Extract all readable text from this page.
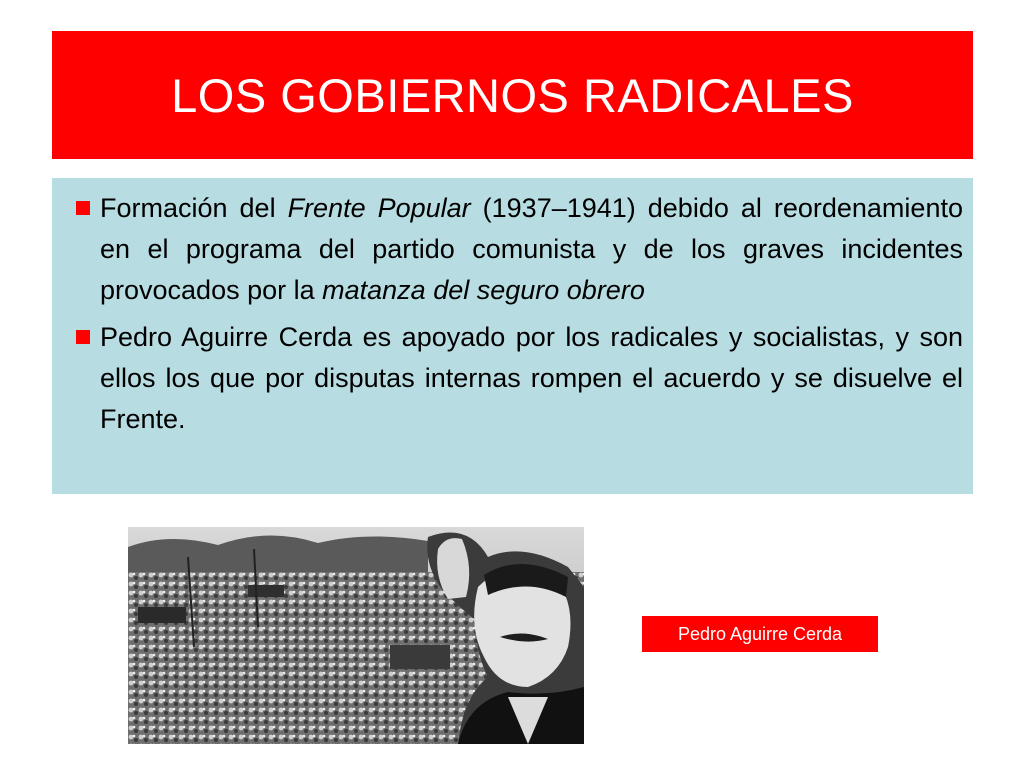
LOS GOBIERNOS RADICALES
Formación del Frente Popular (1937–1941) debido al reordenamiento en el programa del partido comunista y de los graves incidentes provocados por la matanza del seguro obrero
Pedro Aguirre Cerda es apoyado por los radicales y socialistas, y son ellos los que por disputas internas rompen el acuerdo y se disuelve el Frente.
Pedro Aguirre Cerda
